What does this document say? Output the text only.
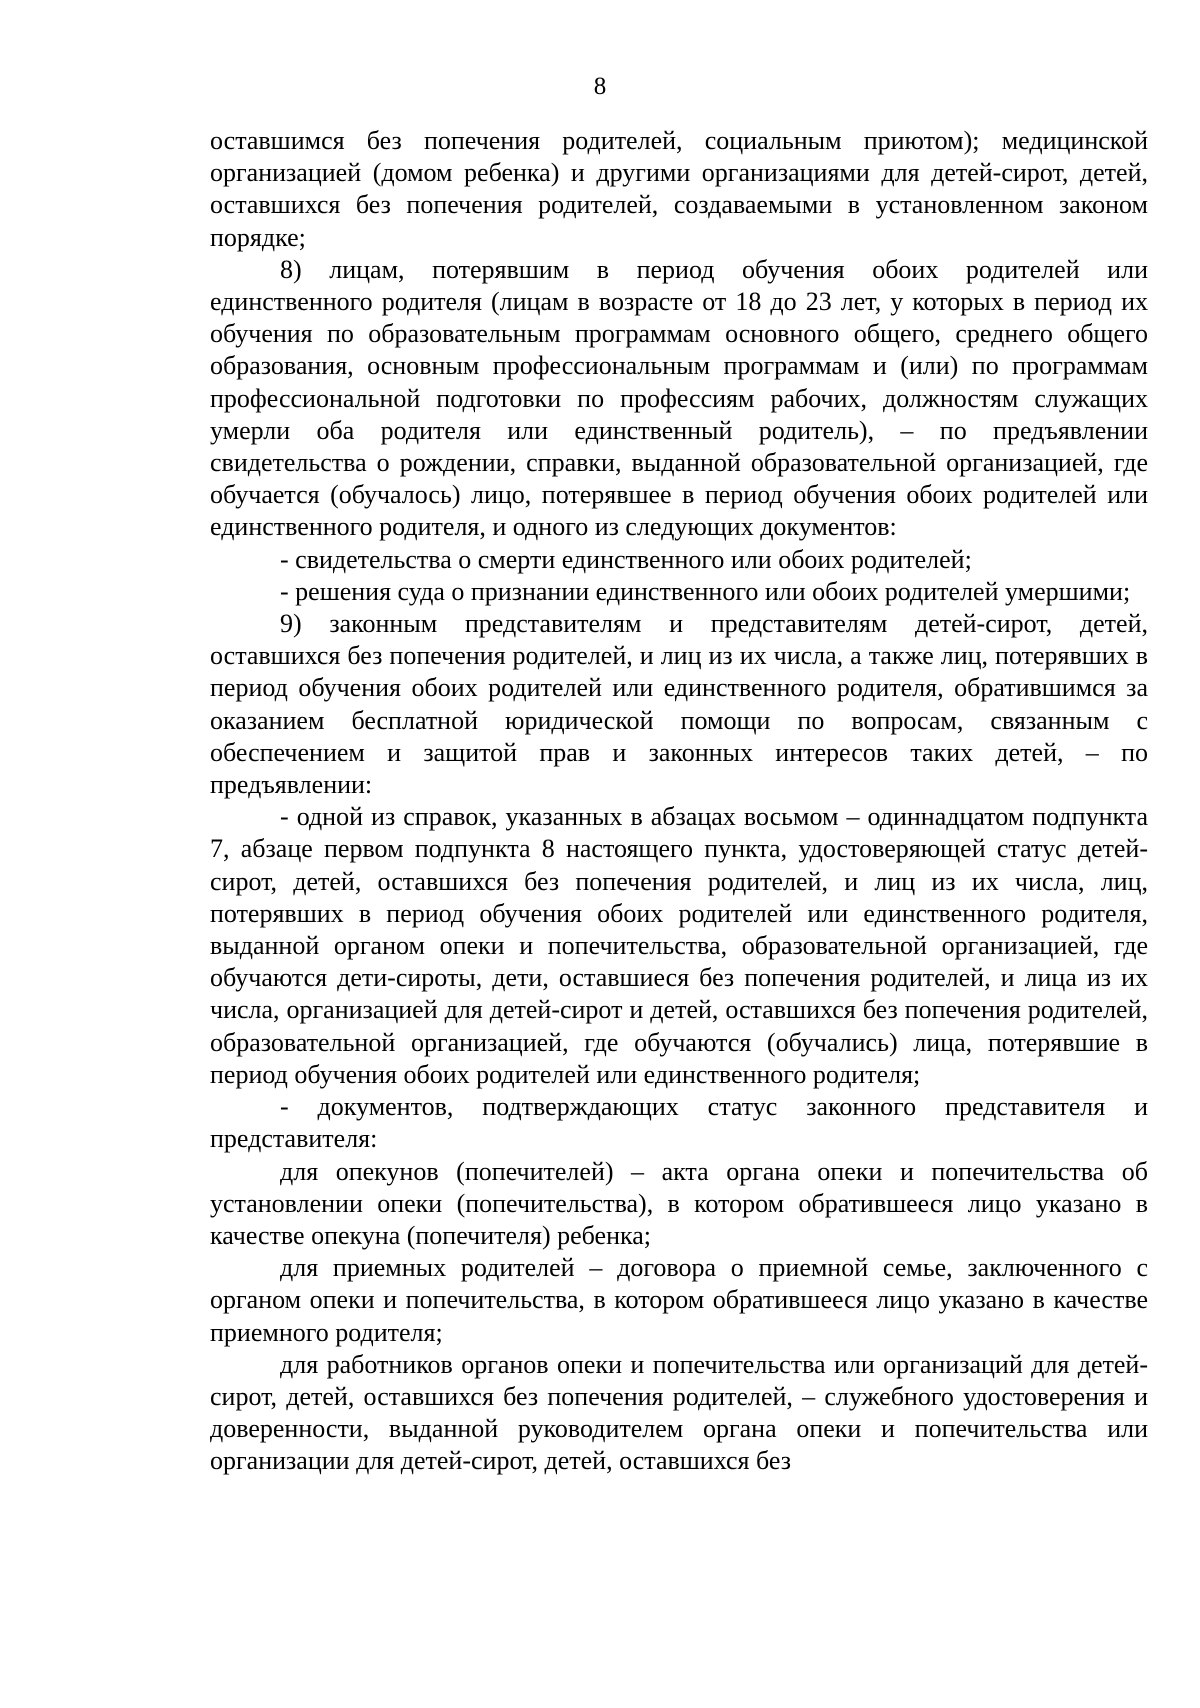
8

оставшимся без попечения родителей, социальным приютом); медицинской организацией (домом ребенка) и другими организациями для детей-сирот, детей, оставшихся без попечения родителей, создаваемыми в установленном законом порядке;

8) лицам, потерявшим в период обучения обоих родителей или единственного родителя (лицам в возрасте от 18 до 23 лет, у которых в период их обучения по образовательным программам основного общего, среднего общего образования, основным профессиональным программам и (или) по программам профессиональной подготовки по профессиям рабочих, должностям служащих умерли оба родителя или единственный родитель), – по предъявлении свидетельства о рождении, справки, выданной образовательной организацией, где обучается (обучалось) лицо, потерявшее в период обучения обоих родителей или единственного родителя, и одного из следующих документов:

- свидетельства о смерти единственного или обоих родителей;

- решения суда о признании единственного или обоих родителей умершими;

9) законным представителям и представителям детей-сирот, детей, оставшихся без попечения родителей, и лиц из их числа, а также лиц, потерявших в период обучения обоих родителей или единственного родителя, обратившимся за оказанием бесплатной юридической помощи по вопросам, связанным с обеспечением и защитой прав и законных интересов таких детей, – по предъявлении:

- одной из справок, указанных в абзацах восьмом – одиннадцатом подпункта 7, абзаце первом подпункта 8 настоящего пункта, удостоверяющей статус детей-сирот, детей, оставшихся без попечения родителей, и лиц из их числа, лиц, потерявших в период обучения обоих родителей или единственного родителя, выданной органом опеки и попечительства, образовательной организацией, где обучаются дети-сироты, дети, оставшиеся без попечения родителей, и лица из их числа, организацией для детей-сирот и детей, оставшихся без попечения родителей, образовательной организацией, где обучаются (обучались) лица, потерявшие в период обучения обоих родителей или единственного родителя;

- документов, подтверждающих статус законного представителя и представителя:

для опекунов (попечителей) – акта органа опеки и попечительства об установлении опеки (попечительства), в котором обратившееся лицо указано в качестве опекуна (попечителя) ребенка;

для приемных родителей – договора о приемной семье, заключенного с органом опеки и попечительства, в котором обратившееся лицо указано в качестве приемного родителя;

для работников органов опеки и попечительства или организаций для детей-сирот, детей, оставшихся без попечения родителей, – служебного удостоверения и доверенности, выданной руководителем органа опеки и попечительства или организации для детей-сирот, детей, оставшихся без
